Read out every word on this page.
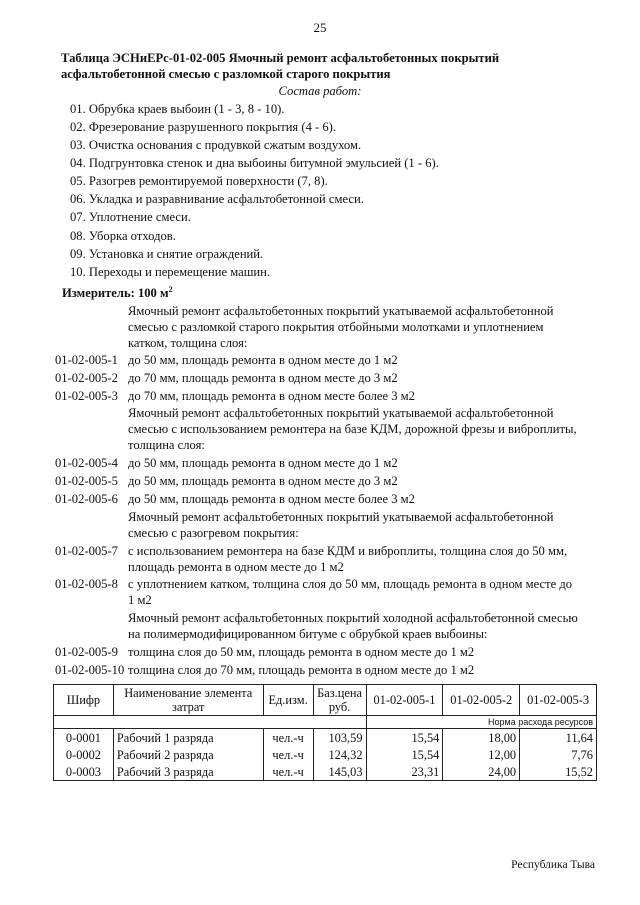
25
Таблица ЭСНиЕРс-01-02-005 Ямочный ремонт асфальтобетонных покрытий
асфальтобетонной смесью с разломкой старого покрытия
Состав работ:
01. Обрубка краев выбоин (1 - 3, 8 - 10).
02. Фрезерование разрушенного покрытия (4 - 6).
03. Очистка основания с продувкой сжатым воздухом.
04. Подгрунтовка стенок и дна выбоины битумной эмульсией (1 - 6).
05. Разогрев ремонтируемой поверхности (7, 8).
06. Укладка и разравнивание асфальтобетонной смеси.
07. Уплотнение смеси.
08. Уборка отходов.
09. Установка и снятие ограждений.
10. Переходы и перемещение машин.
Измеритель: 100 $м^2$
Ямочный ремонт асфальтобетонных покрытий укатываемой асфальтобетонной
смесью с разломкой старого покрытия отбойными молотками и уплотнением
катком, толщина слоя:
01-02-005-1 до 50 мм, площадь ремонта в одном месте до 1 м2
01-02-005-2 до 70 мм, площадь ремонта в одном месте до 3 м2
01-02-005-3 до 70 мм, площадь ремонта в одном месте более 3 м2
Ямочный ремонт асфальтобетонных покрытий укатываемой асфальтобетонной
смесью с использованием ремонтера на базе КДМ, дорожной фрезы и виброплиты,
толщина слоя:
01-02-005-4 до 50 мм, площадь ремонта в одном месте до 1 м2
01-02-005-5 до 50 мм, площадь ремонта в одном месте до 3 м2
01-02-005-6 до 50 мм, площадь ремонта в одном месте более 3 м2
Ямочный ремонт асфальтобетонных покрытий укатываемой асфальтобетонной
смесью с разогревом покрытия:
01-02-005-7 с использованием ремонтера на базе КДМ и виброплиты, толщина слоя до 50 мм,
площадь ремонта в одном месте до 1 м2
01-02-005-8 с уплотнением катком, толщина слоя до 50 мм, площадь ремонта в одном месте до
1 м2
Ямочный ремонт асфальтобетонных покрытий холодной асфальтобетонной смесью
на полимермодифицированном битуме с обрубкой краев выбоины:
01-02-005-9 толщина слоя до 50 мм, площадь ремонта в одном месте до 1 м2
01-02-005-10 толщина слоя до 70 мм, площадь ремонта в одном месте до 1 м2
Шифр	Наименование элемента затрат	Ед.изм.	Баз.цена руб.	01-02-005-1	01-02-005-2	01-02-005-3
				Норма расхода ресурсов		
0-0001	Рабочий 1 разряда	чел.-ч	103,59	15,54	18,00	11,64
0-0002	Рабочий 2 разряда	чел.-ч	124,32	15,54	12,00	7,76
0-0003	Рабочий 3 разряда	чел.-ч	145,03	23,31	24,00	15,52
Республика Тыва
